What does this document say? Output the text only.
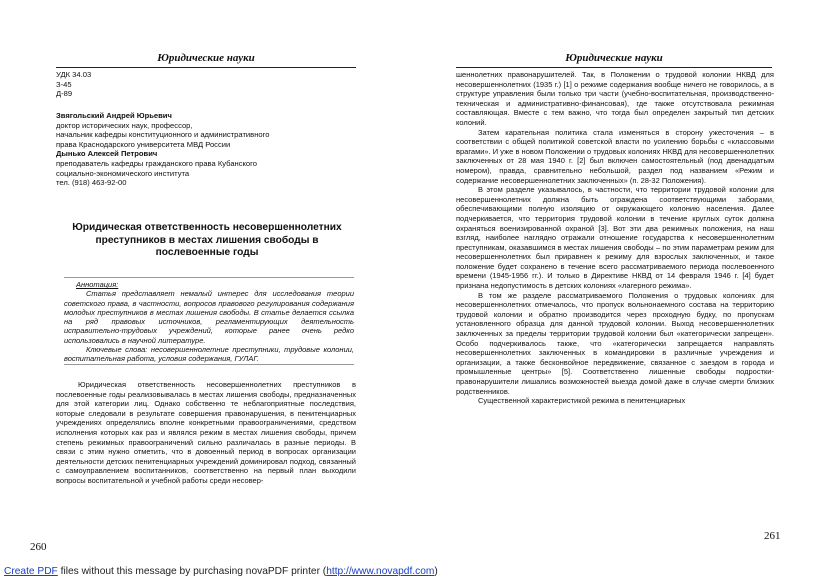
Юридические науки
УДК 34.03
З-45
Д-89
Звягольский Андрей Юрьевич
доктор исторических наук, профессор,
начальник кафедры конституционного и административного
права Краснодарского университета МВД России
Дынько Алексей Петрович
преподаватель кафедры гражданского права Кубанского
социально-экономического института
тел. (918) 463-92-00
Юридическая ответственность несовершеннолетних преступников в местах лишения свободы в послевоенные годы
Аннотация:

Статья представляет немалый интерес для исследования теории советского права, в частности, вопросов правового регулирования содержания молодых преступников в местах лишения свободы. В статье делается ссылка на ряд правовых источников, регламентирующих деятельность исправительно-трудовых учреждений, которые ранее очень редко использовались в научной литературе.

Ключевые слова: несовершеннолетние преступники, трудовые колонии, воспитательная работа, условия содержания, ГУЛАГ.

Юридическая ответственность несовершеннолетних преступников в послевоенные годы реализовывалась в местах лишения свободы, предназначенных для этой категории лиц. Однако собственно те неблагоприятные последствия, которые следовали в результате совершения правонарушения, в пенитенциарных учреждениях определялись вполне конкретными правоограничениями, средством исполнения которых как раз и являлся режим в местах лишения свободы, причем степень режимных правоограничений сильно различалась в разные периоды. В связи с этим нужно отметить, что в довоенный период в вопросах организации деятельности детских пенитенциарных учреждений доминировал подход, связанный с самоуправлением воспитанников, соответственно на первый план выходили вопросы воспитательной и учебной работы среди несовер-

260
Юридические науки

шеннолетних правонарушителей. Так, в Положении о трудовой колонии НКВД для несовершеннолетних (1935 г.) [1] о режиме содержания вообще ничего не говорилось, а в структуре управления были только три части (учебно-воспитательная, производственно-техническая и административно-финансовая), где также отсутствовала режимная составляющая. Вместе с тем важно, что тогда был определен закрытый тип детских колоний.

Затем карательная политика стала изменяться в сторону ужесточения – в соответствии с общей политикой советской власти по усилению борьбы с «классовыми врагами». И уже в новом Положении о трудовых колониях НКВД для несовершеннолетних заключенных от 28 мая 1940 г. [2] был включен самостоятельный (под двенадцатым номером), правда, сравнительно небольшой, раздел под названием «Режим и содержание несовершеннолетних заключенных» (п. 28-32 Положения).

В этом разделе указывалось, в частности, что территории трудовой колонии для несовершеннолетних должна быть ограждена соответствующими заборами, обеспечивающими полную изоляцию от окружающего колонию населения. Далее подчеркивается, что территория трудовой колонии в течение круглых суток должна охраняться военизированной охраной [3]. Вот эти два режимных положения, на наш взгляд, наиболее наглядно отражали отношение государства к несовершеннолетним преступникам, оказавшимся в местах лишения свободы – по этим параметрам режим для несовершеннолетних был приравнен к режиму для взрослых заключенных, и такое положение будет сохранено в течение всего рассматриваемого периода послевоенного времени (1945-1956 гг.). И только в Директиве НКВД от 14 февраля 1946 г. [4] будет признана недопустимость в детских колониях «лагерного режима».

В том же разделе рассматриваемого Положения о трудовых колониях для несовершеннолетних отмечалось, что пропуск вольнонаемного состава на территорию трудовой колонии и обратно производится через проходную будку, по пропускам установленного образца для данной трудовой колонии. Выход несовершеннолетних заключенных за пределы территории трудовой колонии был «категорически запрещен». Особо подчеркивалось также, что «категорически запрещается направлять несовершеннолетних заключенных в командировки в различные учреждения и организации, а также бесконвойное передвижение, связанное с заездом в города и промышленные центры» [5]. Соответственно лишенные свободы подростки-правонарушители лишались возможностей выезда домой даже в случае смерти близких родственников.

Существенной характеристикой режима в пенитенциарных

261
Create PDF files without this message by purchasing novaPDF printer (http://www.novapdf.com)
